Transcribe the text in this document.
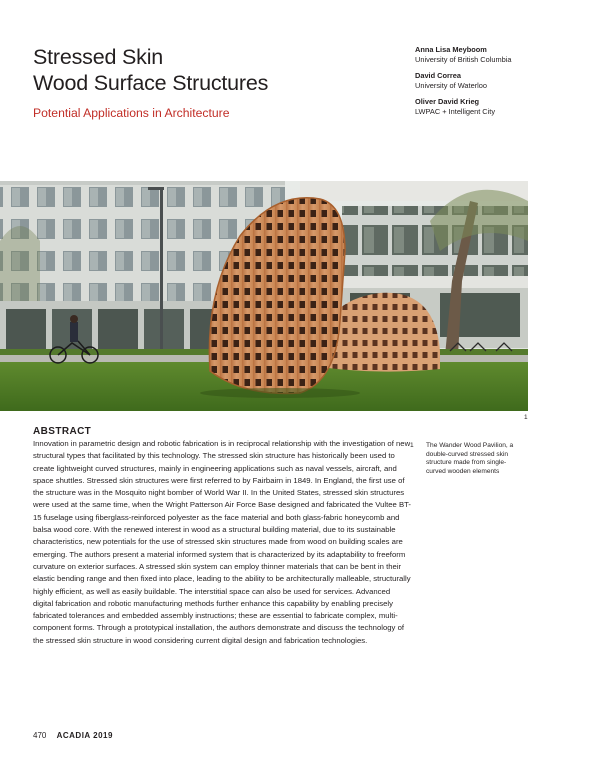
Stressed Skin
Wood Surface Structures
Potential Applications in Architecture
Anna Lisa Meyboom
University of British Columbia
David Correa
University of Waterloo
Oliver David Krieg
LWPAC + Intelligent City
1
ABSTRACT
Innovation in parametric design and robotic fabrication is in reciprocal relationship with the investigation of new structural types that facilitated by this technology. The stressed skin structure has historically been used to create lightweight curved structures, mainly in engineering applications such as naval vessels, aircraft, and space shuttles. Stressed skin structures were first referred to by Fairbairn in 1849. In England, the first use of the structure was in the Mosquito night bomber of World War II. In the United States, stressed skin structures were used at the same time, when the Wright Patterson Air Force Base designed and fabricated the Vultee BT-15 fuselage using fiberglass-reinforced polyester as the face material and both glass-fabric honeycomb and balsa wood core. With the renewed interest in wood as a structural building material, due to its sustainable characteristics, new potentials for the use of stressed skin structures made from wood on building scales are emerging. The authors present a material informed system that is characterized by its adaptability to freeform curvature on exterior surfaces. A stressed skin system can employ thinner materials that can be bent in their elastic bending range and then fixed into place, leading to the ability to be architecturally malleable, structurally highly efficient, as well as easily buildable. The interstitial space can also be used for services. Advanced digital fabrication and robotic manufacturing methods further enhance this capability by enabling precisely fabricated tolerances and embedded assembly instructions; these are essential to fabricate complex, multi-component forms. Through a prototypical installation, the authors demonstrate and discuss the technology of the stressed skin structure in wood considering current digital design and fabrication technologies.
1 The Wander Wood Pavilion, a double-curved stressed skin structure made from single-curved wooden elements
470 ACADIA 2019
